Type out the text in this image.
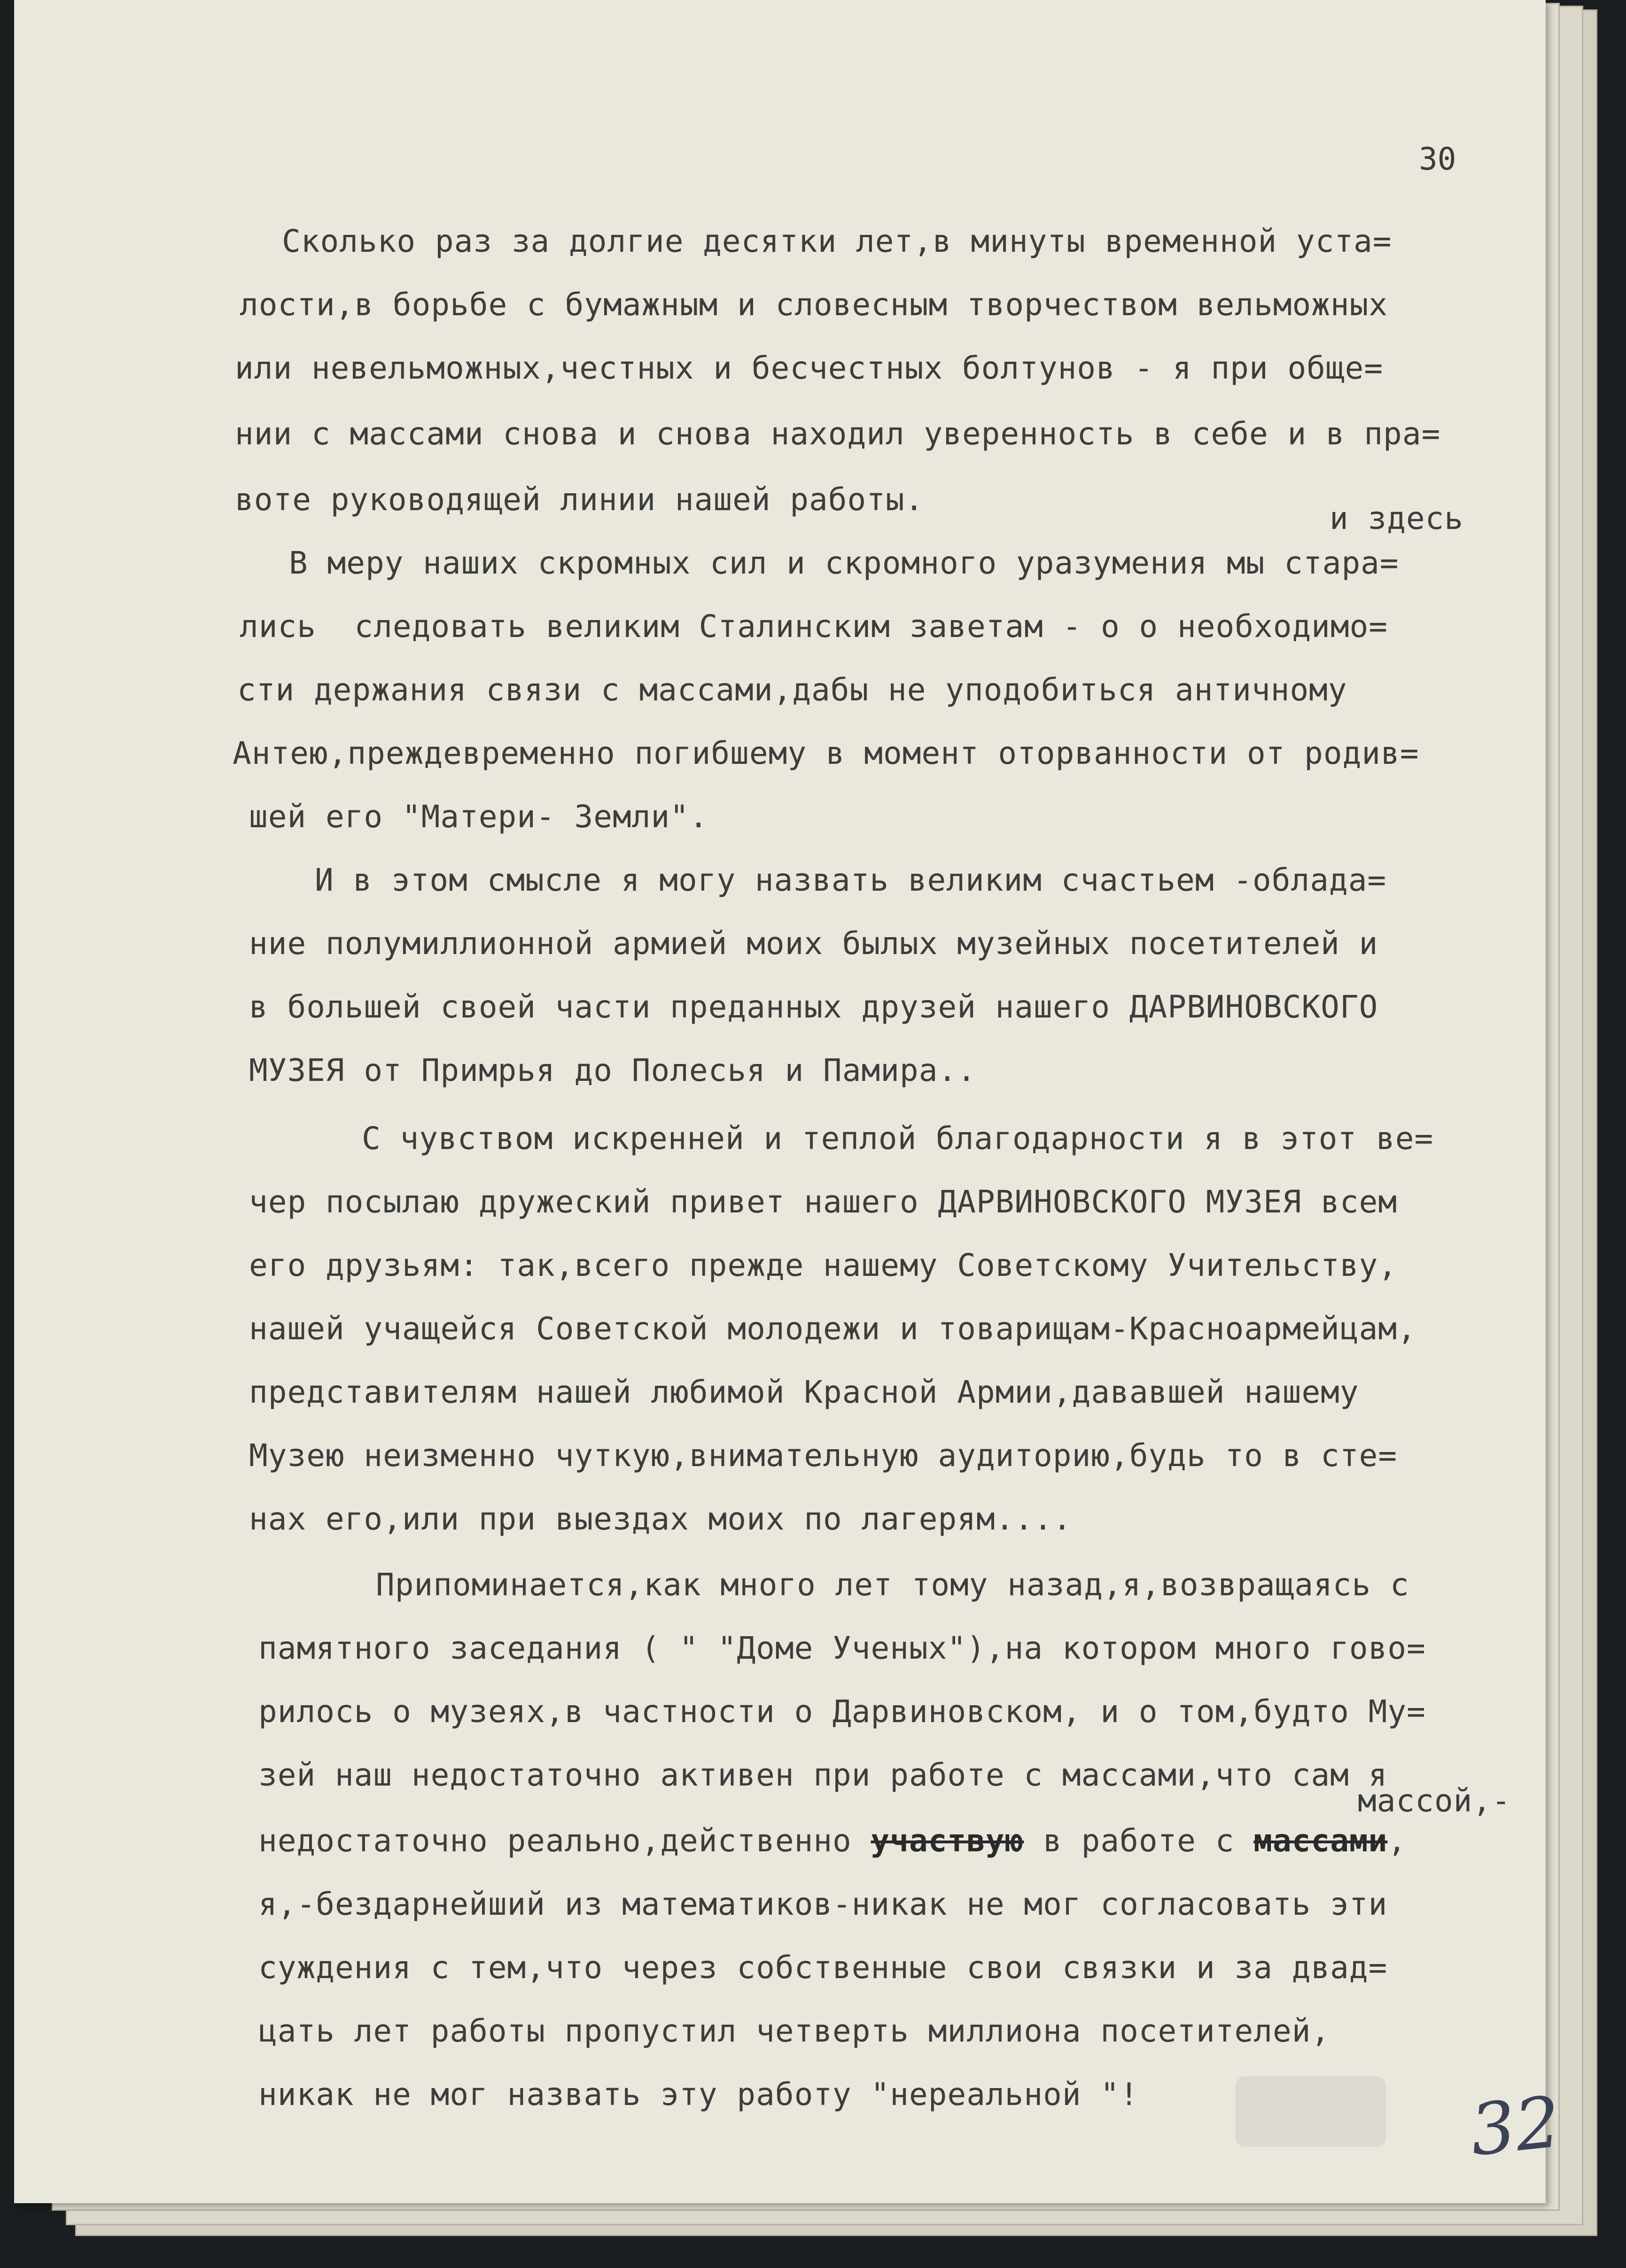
30

Сколько раз за долгие десятки лет,в минуты временной уста=

лости,в борьбе с бумажным и словесным творчеством вельможных

или невельможных,честных и бесчестных болтунов - я при обще=

нии с массами снова и снова находил уверенность в себе и в пра=

воте руководящей линии нашей работы.

и здесь

В меру наших скромных сил и скромного уразумения мы стара=

лись  следовать великим Сталинским заветам - о о необходимо=

сти держания связи с массами,дабы не уподобиться античному

Антею,преждевременно погибшему в момент оторванности от родив=

шей его "Матери- Земли".

И в этом смысле я могу назвать великим счастьем -облада=

ние полумиллионной армией моих былых музейных посетителей и

в большей своей части преданных друзей нашего ДАРВИНОВСКОГО

МУЗЕЯ от Примрья до Полесья и Памира..

С чувством искренней и теплой благодарности я в этот ве=

чер посылаю дружеский привет нашего ДАРВИНОВСКОГО МУЗЕЯ всем

его друзьям: так,всего прежде нашему Советскому Учительству,

нашей учащейся Советской молодежи и товарищам-Красноармейцам,

представителям нашей любимой Красной Армии,дававшей нашему

Музею неизменно чуткую,внимательную аудиторию,будь то в сте=

нах его,или при выездах моих по лагерям....

Припоминается,как много лет тому назад,я,возвращаясь с

памятного заседания ( " "Доме Ученых"),на котором много гово=

рилось о музеях,в частности о Дарвиновском, и о том,будто Му=

зей наш недостаточно активен при работе с массами,что сам я

массой,-

недостаточно реально,действенно участвую в работе с массами,

я,-бездарнейший из математиков-никак не мог согласовать эти

суждения с тем,что через собственные свои связки и за двад=

цать лет работы пропустил четверть миллиона посетителей,

никак не мог назвать эту работу "нереальной "!

	32
